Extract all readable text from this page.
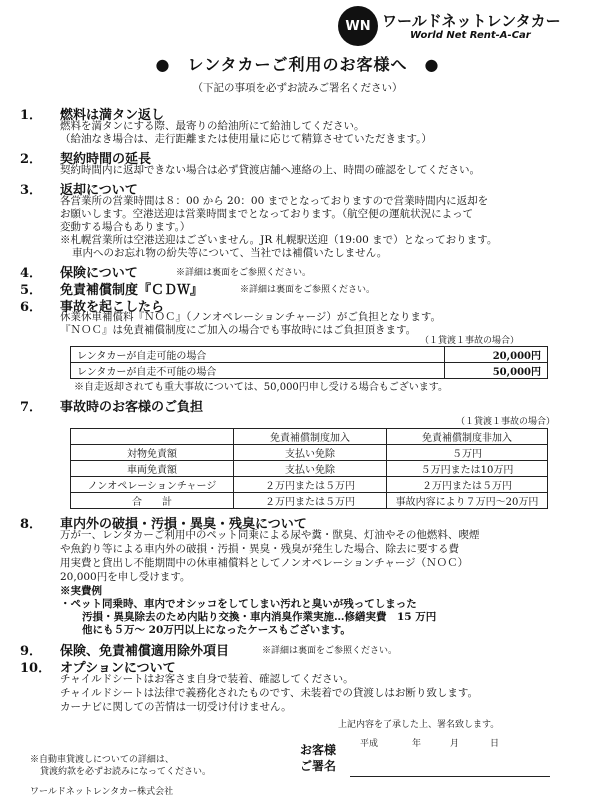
WN ワールドネットレンタカー
World Net Rent-A-Car
●　レンタカーご利用のお客様へ　●
（下記の事項を必ずお読みご署名ください）
1． 燃料は満タン返し
燃料を満タンにする際、最寄りの給油所にて給油してください。
（給油なき場合は、走行距離または使用量に応じて精算させていただきます。）
2． 契約時間の延長
契約時間内に返却できない場合は必ず貸渡店舗へ連絡の上、時間の確認をしてください。
3． 返却について
各営業所の営業時間は８：00 から 20：00 までとなっておりますので営業時間内に返却を
お願いします。空港送迎は営業時間までとなっております。（航空便の運航状況によって
変動する場合もあります。）
※札幌営業所は空港送迎はございません。JR 札幌駅送迎（19:00 まで）となっております。
車内へのお忘れ物の紛失等について、当社では補償いたしません。
4． 保険について	※詳細は裏面をご参照ください。
5． 免責補償制度『ＣＤＷ』	※詳細は裏面をご参照ください。
6． 事故を起こしたら
休業休車補償料『ＮＯＣ』（ノンオペレーションチャージ）がご負担となります。
『ＮＯＣ』は免責補償制度にご加入の場合でも事故時にはご負担頂きます。
（１貸渡１事故の場合）
レンタカーが自走可能の場合	20,000円
レンタカーが自走不可能の場合	50,000円
※自走返却されても重大事故については、50,000円申し受ける場合もございます。
7． 事故時のお客様のご負担
（１貸渡１事故の場合）
	免責補償制度加入	免責補償制度非加入
対物免責額	支払い免除	５万円
車両免責額	支払い免除	５万円または10万円
ノンオペレーションチャージ	２万円または５万円	２万円または５万円
合　　計	２万円または５万円	事故内容により７万円～20万円
8． 車内外の破損・汚損・異臭・残臭について
万が一、レンタカーご利用中のペット同乗による尿や糞・獣臭、灯油やその他燃料、喫煙
や魚釣り等による車内外の破損・汚損・異臭・残臭が発生した場合、除去に要する費
用実費と貸出し不能期間中の休車補償料としてノンオペレーションチャージ（ＮＯＣ）
20,000円を申し受けます。
※実費例
・ペット同乗時、車内でオシッコをしてしまい汚れと臭いが残ってしまった
汚損・異臭除去のため内貼り交換・車内消臭作業実施…修繕実費　15 万円
他にも５万～ 20万円以上になったケースもございます。
9． 保険、免責補償適用除外項目	※詳細は裏面をご参照ください。
10． オプションについて
チャイルドシートはお客さま自身で装着、確認してください。
チャイルドシートは法律で義務化されたものです、未装着での貸渡しはお断り致します。
カーナビに関しての苦情は一切受け付けません。
上記内容を了承した上、署名致します。
平成	年	月	日
お客様
ご署名
※自動車貸渡しについての詳細は、
貸渡約款を必ずお読みになってください。
ワールドネットレンタカー株式会社
